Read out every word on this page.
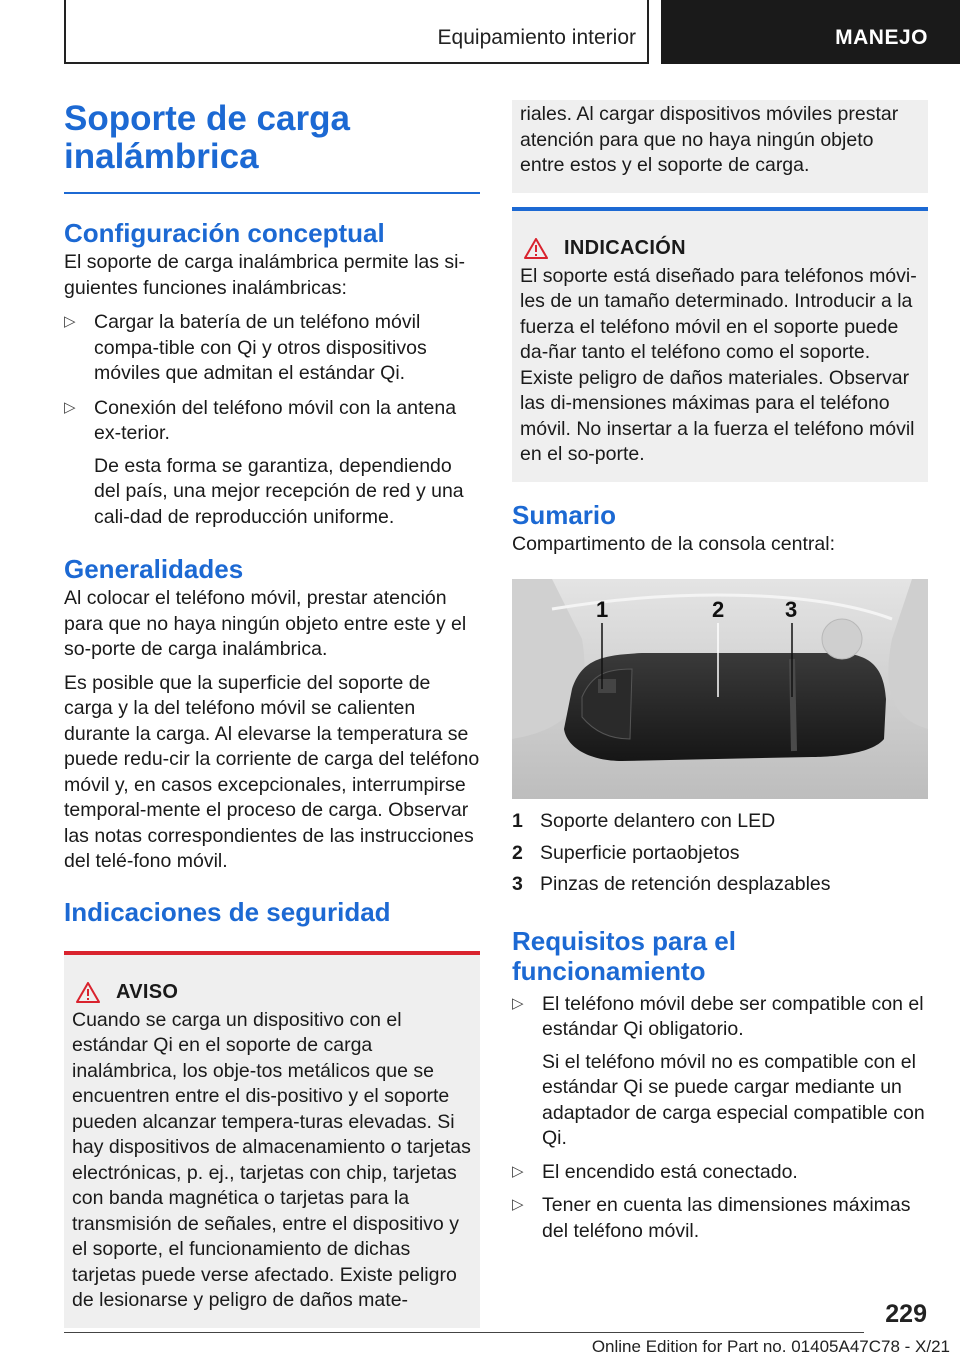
Equipamiento interior	MANEJO
Soporte de carga inalámbrica
Configuración conceptual

El soporte de carga inalámbrica permite las si-guientes funciones inalámbricas:

▷ Cargar la batería de un teléfono móvil compa-tible con Qi y otros dispositivos móviles que admitan el estándar Qi.

▷ Conexión del teléfono móvil con la antena ex-terior.

De esta forma se garantiza, dependiendo del país, una mejor recepción de red y una cali-dad de reproducción uniforme.

Generalidades

Al colocar el teléfono móvil, prestar atención para que no haya ningún objeto entre este y el so-porte de carga inalámbrica.

Es posible que la superficie del soporte de carga y la del teléfono móvil se calienten durante la carga. Al elevarse la temperatura se puede redu-cir la corriente de carga del teléfono móvil y, en casos excepcionales, interrumpirse temporal-mente el proceso de carga. Observar las notas correspondientes de las instrucciones del telé-fono móvil.

Indicaciones de seguridad
AVISO

Cuando se carga un dispositivo con el estándar Qi en el soporte de carga inalámbrica, los obje-tos metálicos que se encuentren entre el dis-positivo y el soporte pueden alcanzar tempera-turas elevadas. Si hay dispositivos de almacenamiento o tarjetas electrónicas, p. ej., tarjetas con chip, tarjetas con banda magnética o tarjetas para la transmisión de señales, entre el dispositivo y el soporte, el funcionamiento de dichas tarjetas puede verse afectado. Existe peligro de lesionarse y peligro de daños mate-

riales. Al cargar dispositivos móviles prestar atención para que no haya ningún objeto entre estos y el soporte de carga.

INDICACIÓN

El soporte está diseñado para teléfonos móvi-les de un tamaño determinado. Introducir a la fuerza el teléfono móvil en el soporte puede da-ñar tanto el teléfono como el soporte. Existe peligro de daños materiales. Observar las di-mensiones máximas para el teléfono móvil. No insertar a la fuerza el teléfono móvil en el so-porte.

Sumario

Compartimento de la consola central:

1	2	3
1 Soporte delantero con LED
2 Superficie portaobjetos
3 Pinzas de retención desplazables
Requisitos para el funcionamiento
▷ El teléfono móvil debe ser compatible con el estándar Qi obligatorio.

Si el teléfono móvil no es compatible con el estándar Qi se puede cargar mediante un adaptador de carga especial compatible con Qi.

▷ El encendido está conectado.

▷ Tener en cuenta las dimensiones máximas del teléfono móvil.

229
Online Edition for Part no. 01405A47C78 - X/21
